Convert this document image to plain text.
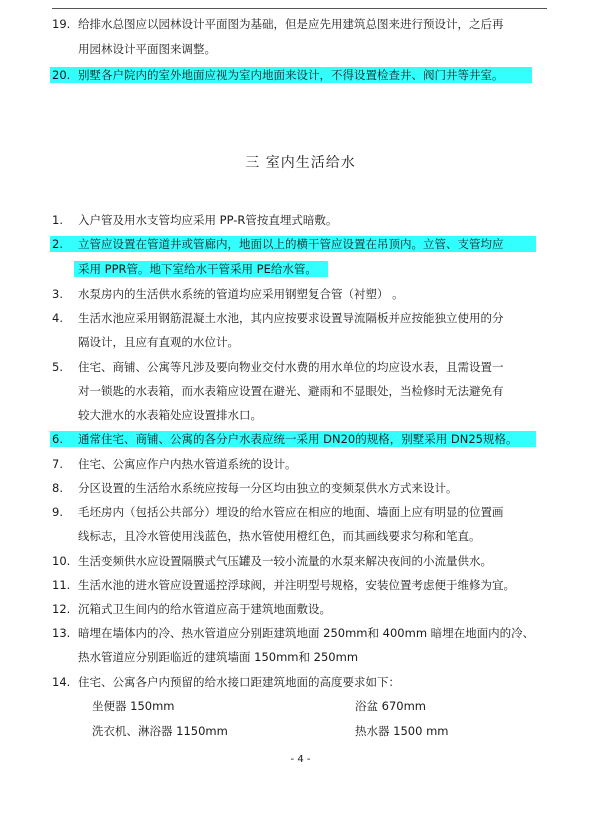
19. 给排水总图应以园林设计平面图为基础，但是应先用建筑总图来进行预设计，之后再
用园林设计平面图来调整。
20. 别墅各户院内的室外地面应视为室内地面来设计，不得设置检查井、阀门井等井室。

三 室内生活给水
1. 入户管及用水支管均应采用 PP-R管按直埋式暗敷。
2. 立管应设置在管道井或管廊内，地面以上的横干管应设置在吊顶内。立管、支管均应

采用 PPR管。地下室给水干管采用 PE给水管。

3. 水泵房内的生活供水系统的管道均应采用钢塑复合管（衬塑） 。
4. 生活水池应采用钢筋混凝土水池，其内应按要求设置导流隔板并应按能独立使用的分
隔设计，且应有直观的水位计。
5. 住宅、商铺、公寓等凡涉及要向物业交付水费的用水单位的均应设水表，且需设置一
对一锁匙的水表箱，而水表箱应设置在避光、避雨和不显眼处，当检修时无法避免有
较大泄水的水表箱处应设置排水口。
6. 通常住宅、商铺、公寓的各分户水表应统一采用 DN20的规格，别墅采用 DN25规格。

7. 住宅、公寓应作户内热水管道系统的设计。
8. 分区设置的生活给水系统应按每一分区均由独立的变频泵供水方式来设计。
9. 毛坯房内（包括公共部分）埋设的给水管应在相应的地面、墙面上应有明显的位置画
线标志，且冷水管使用浅蓝色，热水管使用橙红色，而其画线要求匀称和笔直。
10. 生活变频供水应设置隔膜式气压罐及一较小流量的水泵来解决夜间的小流量供水。
11. 生活水池的进水管应设置遥控浮球阀，并注明型号规格，安装位置考虑便于维修为宜。
12. 沉箱式卫生间内的给水管道应高于建筑地面敷设。
13. 暗埋在墙体内的冷、热水管道应分别距建筑地面 250mm和 400mm 暗埋在地面内的冷、
热水管道应分别距临近的建筑墙面 150mm和 250mm
14. 住宅、公寓各户内预留的给水接口距建筑地面的高度要求如下：
坐便器 150mm	浴盆 670mm
洗衣机、淋浴器 1150mm	热水器 1500 mm
- 4 -
